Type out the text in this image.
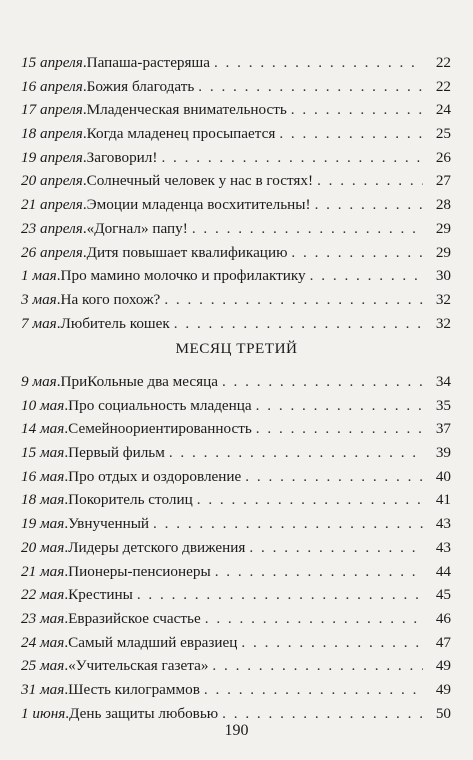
15 апреля . Папаша-растеряша . . .	22
16 апреля . Божия благодать . . .	22
17 апреля . Младенческая внимательность . . .	24
18 апреля . Когда младенец просыпается . . .	25
19 апреля . Заговорил! . . .	26
20 апреля . Солнечный человек у нас в гостях! . . .	27
21 апреля . Эмоции младенца восхитительны! . . .	28
23 апреля . «Догнал» папу! . . .	29
26 апреля . Дитя повышает квалификацию . . .	29
1 мая . Про мамино молочко и профилактику . . .	30
3 мая . На кого похож? . . .	32
7 мая . Любитель кошек . . .	32
МЕСЯЦ ТРЕТИЙ
9 мая . ПриКольные два месяца . . .	34
10 мая . Про социальность младенца . . .	35
14 мая . Семейноориентированность . . .	37
15 мая . Первый фильм . . .	39
16 мая . Про отдых и оздоровление . . .	40
18 мая . Покоритель столиц . . .	41
19 мая . Увнученный . . .	43
20 мая . Лидеры детского движения . . .	43
21 мая . Пионеры-пенсионеры . . .	44
22 мая . Крестины . . .	45
23 мая . Евразийское счастье . . .	46
24 мая . Самый младший евразиец . . .	47
25 мая . «Учительская газета» . . .	49
31 мая . Шесть килограммов . . .	49
1 июня . День защиты любовью . . .	50
190
